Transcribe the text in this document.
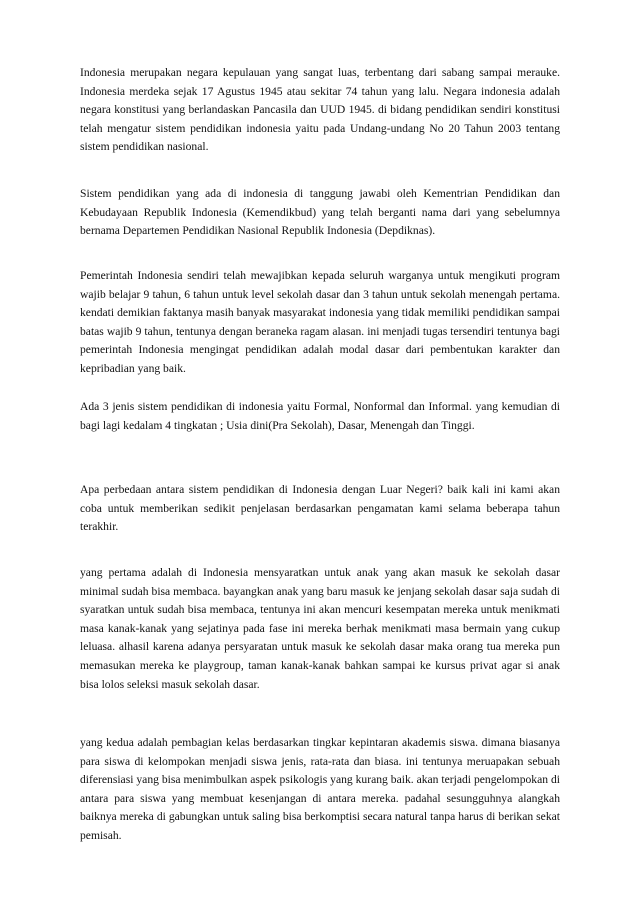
Indonesia merupakan negara kepulauan yang sangat luas, terbentang dari sabang sampai merauke. Indonesia merdeka sejak 17 Agustus 1945 atau sekitar 74 tahun yang lalu. Negara indonesia adalah negara konstitusi yang berlandaskan Pancasila dan UUD 1945. di bidang pendidikan sendiri konstitusi telah mengatur sistem pendidikan indonesia yaitu pada Undang-undang No 20 Tahun 2003 tentang sistem pendidikan nasional.

Sistem pendidikan yang ada di indonesia di tanggung jawabi oleh Kementrian Pendidikan dan Kebudayaan Republik Indonesia (Kemendikbud) yang telah berganti nama dari yang sebelumnya bernama Departemen Pendidikan Nasional Republik Indonesia (Depdiknas).

Pemerintah Indonesia sendiri telah mewajibkan kepada seluruh warganya untuk mengikuti program wajib belajar 9 tahun, 6 tahun untuk level sekolah dasar dan 3 tahun untuk sekolah menengah pertama. kendati demikian faktanya masih banyak masyarakat indonesia yang tidak memiliki pendidikan sampai batas wajib 9 tahun, tentunya dengan beraneka ragam alasan. ini menjadi tugas tersendiri tentunya bagi pemerintah Indonesia mengingat pendidikan adalah modal dasar dari pembentukan karakter dan kepribadian yang baik.

Ada 3 jenis sistem pendidikan di indonesia yaitu Formal, Nonformal dan Informal. yang kemudian di bagi lagi kedalam 4 tingkatan ; Usia dini(Pra Sekolah), Dasar, Menengah dan Tinggi.

Apa perbedaan antara sistem pendidikan di Indonesia dengan Luar Negeri? baik kali ini kami akan coba untuk memberikan sedikit penjelasan berdasarkan pengamatan kami selama beberapa tahun terakhir.

yang pertama adalah di Indonesia mensyaratkan untuk anak yang akan masuk ke sekolah dasar minimal sudah bisa membaca. bayangkan anak yang baru masuk ke jenjang sekolah dasar saja sudah di syaratkan untuk sudah bisa membaca, tentunya ini akan mencuri kesempatan mereka untuk menikmati masa kanak-kanak yang sejatinya pada fase ini mereka berhak menikmati masa bermain yang cukup leluasa. alhasil karena adanya persyaratan untuk masuk ke sekolah dasar maka orang tua mereka pun memasukan mereka ke playgroup, taman kanak-kanak bahkan sampai ke kursus privat agar si anak bisa lolos seleksi masuk sekolah dasar.

yang kedua adalah pembagian kelas berdasarkan tingkar kepintaran akademis siswa. dimana biasanya para siswa di kelompokan menjadi siswa jenis, rata-rata dan biasa. ini tentunya meruapakan sebuah diferensiasi yang bisa menimbulkan aspek psikologis yang kurang baik. akan terjadi pengelompokan di antara para siswa yang membuat kesenjangan di antara mereka. padahal sesungguhnya alangkah baiknya mereka di gabungkan untuk saling bisa berkomptisi secara natural tanpa harus di berikan sekat pemisah.
